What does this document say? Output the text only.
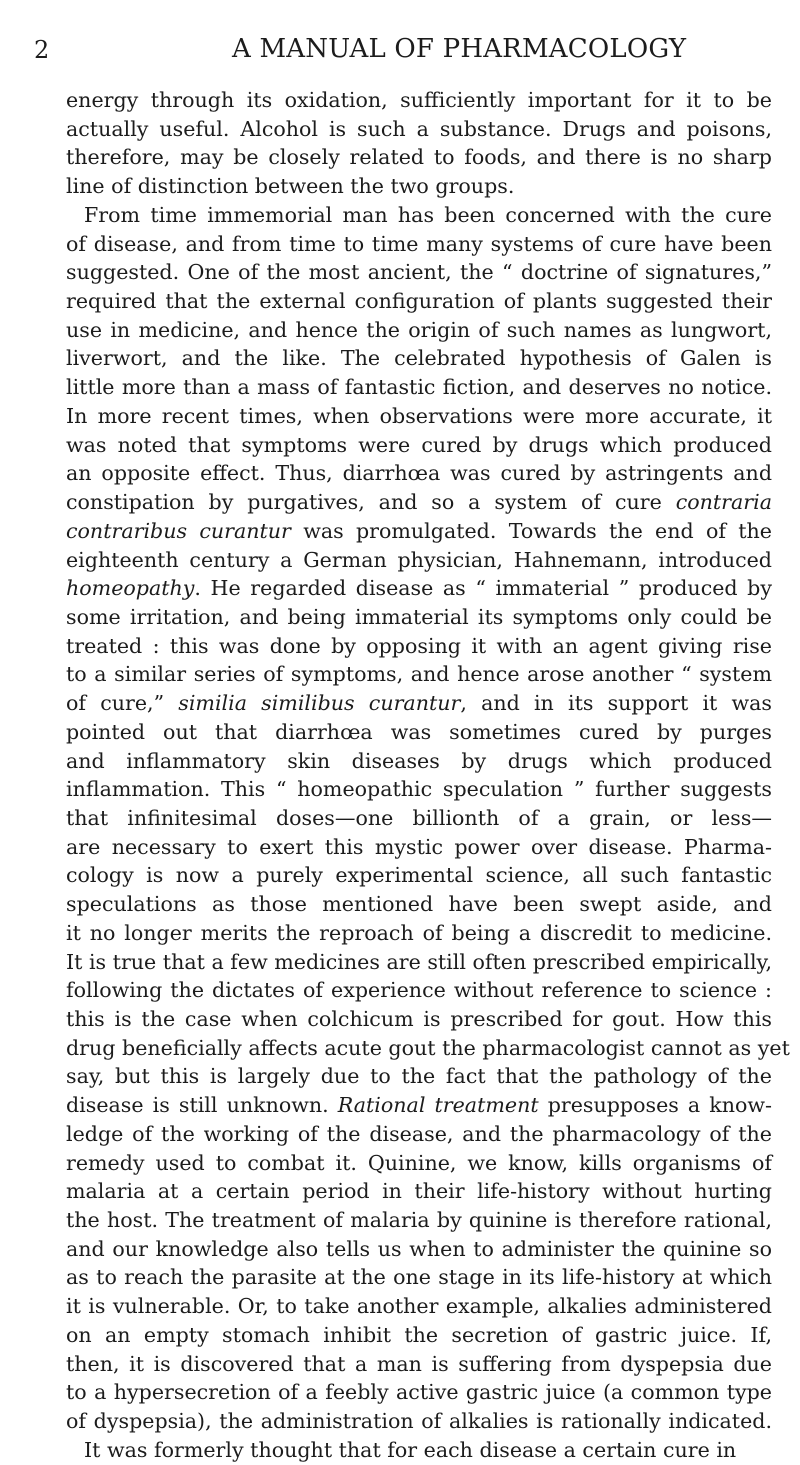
2	A MANUAL OF PHARMACOLOGY
energy through its oxidation, sufficiently important for it to be
actually useful. Alcohol is such a substance. Drugs and poisons,
therefore, may be closely related to foods, and there is no sharp
line of distinction between the two groups.
From time immemorial man has been concerned with the cure
of disease, and from time to time many systems of cure have been
suggested. One of the most ancient, the “ doctrine of signatures,”
required that the external configuration of plants suggested their
use in medicine, and hence the origin of such names as lungwort,
liverwort, and the like. The celebrated hypothesis of Galen is
little more than a mass of fantastic fiction, and deserves no notice.
In more recent times, when observations were more accurate, it
was noted that symptoms were cured by drugs which produced
an opposite effect. Thus, diarrhœa was cured by astringents and
constipation by purgatives, and so a system of cure contraria
contraribus curantur was promulgated. Towards the end of the
eighteenth century a German physician, Hahnemann, introduced
homeopathy. He regarded disease as “ immaterial ” produced by
some irritation, and being immaterial its symptoms only could be
treated : this was done by opposing it with an agent giving rise
to a similar series of symptoms, and hence arose another “ system
of cure,” similia similibus curantur, and in its support it was
pointed out that diarrhœa was sometimes cured by purges
and inflammatory skin diseases by drugs which produced
inflammation. This “ homeopathic speculation ” further suggests
that infinitesimal doses—one billionth of a grain, or less—
are necessary to exert this mystic power over disease. Pharma-
cology is now a purely experimental science, all such fantastic
speculations as those mentioned have been swept aside, and
it no longer merits the reproach of being a discredit to medicine.
It is true that a few medicines are still often prescribed empirically,
following the dictates of experience without reference to science :
this is the case when colchicum is prescribed for gout. How this
drug beneficially affects acute gout the pharmacologist cannot as yet
say, but this is largely due to the fact that the pathology of the
disease is still unknown. Rational treatment presupposes a know-
ledge of the working of the disease, and the pharmacology of the
remedy used to combat it. Quinine, we know, kills organisms of
malaria at a certain period in their life-history without hurting
the host. The treatment of malaria by quinine is therefore rational,
and our knowledge also tells us when to administer the quinine so
as to reach the parasite at the one stage in its life-history at which
it is vulnerable. Or, to take another example, alkalies administered
on an empty stomach inhibit the secretion of gastric juice. If,
then, it is discovered that a man is suffering from dyspepsia due
to a hypersecretion of a feebly active gastric juice (a common type
of dyspepsia), the administration of alkalies is rationally indicated.
It was formerly thought that for each disease a certain cure in
